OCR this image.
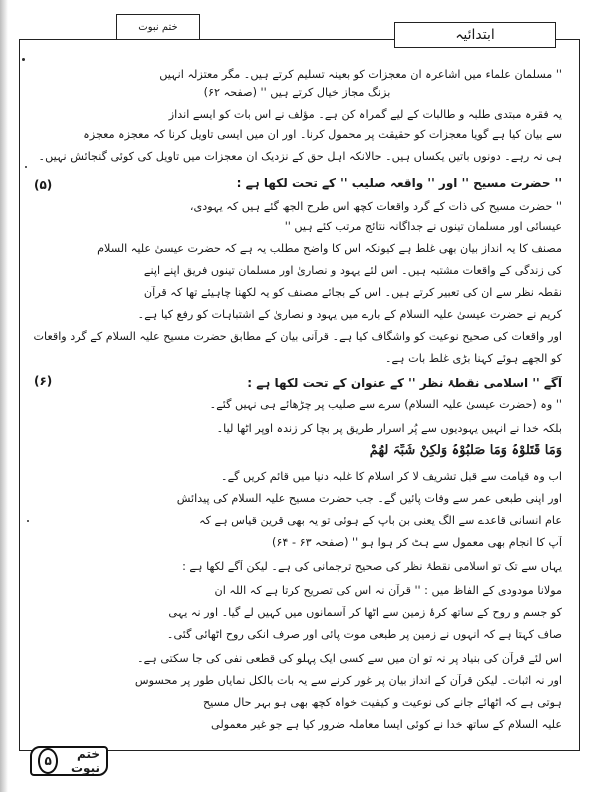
ختم نبوت	ابتدائیہ
'' مسلمان علماء میں اشاعرہ ان معجزات کو بعینہ تسلیم کرتے ہیں۔ مگر معتزلہ انہیں
بزنگ مجاز خیال کرتے ہیں '' (صفحہ ۶۲)
یہ فقرہ مبتدی طلبہ و طالبات کے لیے گمراہ کن ہے۔ مؤلف نے اس بات کو ایسے انداز
سے بیان کیا ہے گویا معجزات کو حقیقت پر محمول کرنا۔ اور ان میں ایسی تاویل کرنا کہ معجزہ معجزہ
ہی نہ رہے۔ دونوں باتیں یکساں ہیں۔ حالانکہ اہل حق کے نزدیک ان معجزات میں تاویل کی کوئی گنجائش نہیں۔
'' حضرت مسیح '' اور '' واقعہ صلیب '' کے تحت لکھا ہے :
'' حضرت مسیح کی ذات کے گرد واقعات کچھ اس طرح الجھ گئے ہیں کہ یہودی،
عیسائی اور مسلمان تینوں نے جداگانہ نتائج مرتب کئے ہیں ''
مصنف کا یہ انداز بیان بھی غلط ہے کیونکہ اس کا واضح مطلب یہ ہے کہ حضرت عیسیٰ علیہ السلام
کی زندگی کے واقعات مشتبہ ہیں۔ اس لئے یہود و نصاریٰ اور مسلمان تینوں فریق اپنے اپنے
نقطہ نظر سے ان کی تعبیر کرتے ہیں۔ اس کے بجائے مصنف کو یہ لکھنا چاہیئے تھا کہ قرآن
کریم نے حضرت عیسیٰ علیہ السلام کے بارے میں یہود و نصاریٰ کے اشتباہات کو رفع کیا ہے۔
اور واقعات کی صحیح نوعیت کو واشگاف کیا ہے۔ قرآنی بیان کے مطابق حضرت مسیح علیہ السلام کے گرد واقعات
کو الجھے ہوئے کہنا بڑی غلط بات ہے۔
آگے '' اسلامی نقطۂ نظر '' کے عنوان کے تحت لکھا ہے :
'' وہ (حضرت عیسیٰ علیہ السلام) سرے سے صلیب پر چڑھائے ہی نہیں گئے۔
بلکہ خدا نے انہیں یہودیوں سے پُر اسرار طریق پر بچا کر زندہ اوپر اٹھا لیا۔
وَمَا قَتَلُوْہُ وَمَا صَلَبُوْہُ وَلٰکِنْ شُبِّہَ لَھُمْ
اب وہ قیامت سے قبل تشریف لا کر اسلام کا غلبہ دنیا میں قائم کریں گے۔
اور اپنی طبعی عمر سے وفات پائیں گے۔ جب حضرت مسیح علیہ السلام کی پیدائش
عام انسانی قاعدے سے الگ یعنی بن باپ کے ہوئی تو یہ بھی قرین قیاس ہے کہ
آپ کا انجام بھی معمول سے ہٹ کر ہوا ہو '' (صفحہ ۶۳ - ۶۴)
یہاں سے تک تو اسلامی نقطۂ نظر کی صحیح ترجمانی کی ہے۔ لیکن آگے لکھا ہے :
مولانا مودودی کے الفاظ میں : '' قرآن نہ اس کی تصریح کرتا ہے کہ اللہ ان
کو جسم و روح کے ساتھ کرۂ زمین سے اٹھا کر آسمانوں میں کہیں لے گیا۔ اور نہ یہی
صاف کہتا ہے کہ انہوں نے زمین پر طبعی موت پائی اور صرف انکی روح اٹھائی گئی۔
اس لئے قرآن کی بنیاد پر نہ تو ان میں سے کسی ایک پہلو کی قطعی نفی کی جا سکتی ہے۔
اور نہ اثبات۔ لیکن قرآن کے انداز بیان پر غور کرنے سے یہ بات بالکل نمایاں طور پر محسوس
ہوتی ہے کہ اٹھائے جانے کی نوعیت و کیفیت خواہ کچھ بھی ہو بہر حال مسیح
علیہ السلام کے ساتھ خدا نے کوئی ایسا معاملہ ضرور کیا ہے جو غیر معمولی
(۵)
(۶)
ختم نبوت
۵
